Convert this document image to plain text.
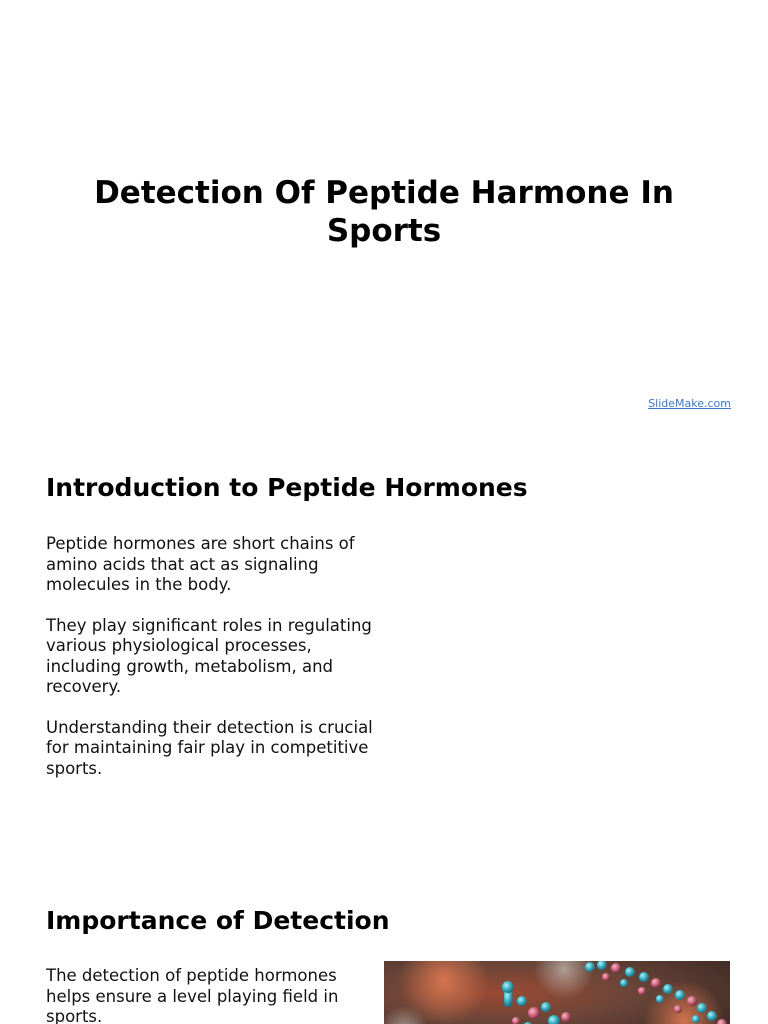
Detection Of Peptide Harmone In Sports
SlideMake.com
Introduction to Peptide Hormones

Peptide hormones are short chains of amino acids that act as signaling molecules in the body.

They play significant roles in regulating various physiological processes, including growth, metabolism, and recovery.

Understanding their detection is crucial for maintaining fair play in competitive sports.

Importance of Detection

The detection of peptide hormones helps ensure a level playing field in sports.
